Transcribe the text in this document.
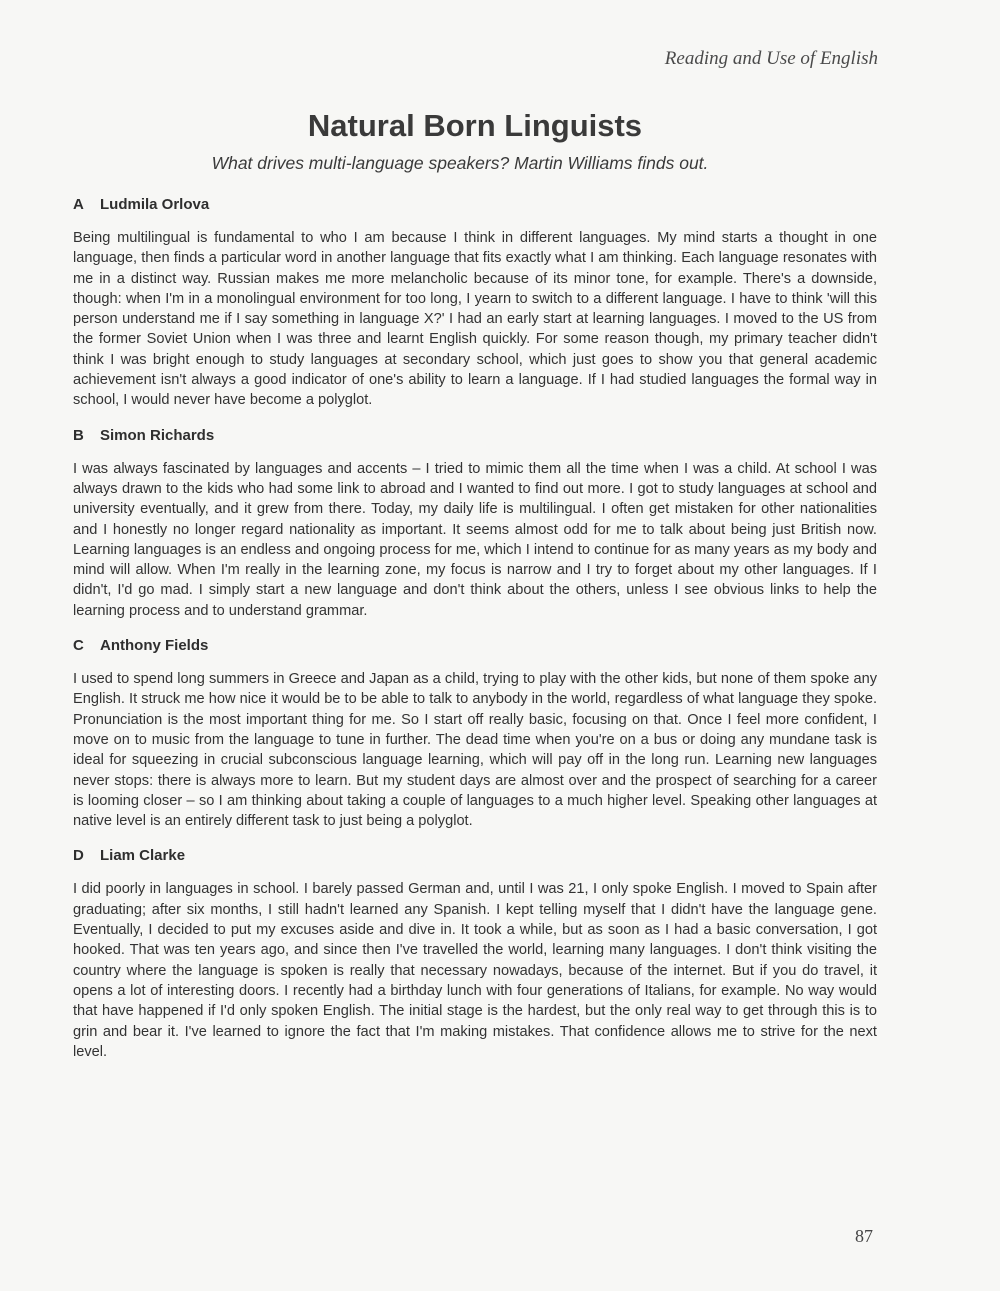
Reading and Use of English
Natural Born Linguists
What drives multi-language speakers? Martin Williams finds out.
A Ludmila Orlova

Being multilingual is fundamental to who I am because I think in different languages. My mind starts a thought in one language, then finds a particular word in another language that fits exactly what I am thinking. Each language resonates with me in a distinct way. Russian makes me more melancholic because of its minor tone, for example. There's a downside, though: when I'm in a monolingual environment for too long, I yearn to switch to a different language. I have to think 'will this person understand me if I say something in language X?' I had an early start at learning languages. I moved to the US from the former Soviet Union when I was three and learnt English quickly. For some reason though, my primary teacher didn't think I was bright enough to study languages at secondary school, which just goes to show you that general academic achievement isn't always a good indicator of one's ability to learn a language. If I had studied languages the formal way in school, I would never have become a polyglot.

B Simon Richards

I was always fascinated by languages and accents – I tried to mimic them all the time when I was a child. At school I was always drawn to the kids who had some link to abroad and I wanted to find out more. I got to study languages at school and university eventually, and it grew from there. Today, my daily life is multilingual. I often get mistaken for other nationalities and I honestly no longer regard nationality as important. It seems almost odd for me to talk about being just British now. Learning languages is an endless and ongoing process for me, which I intend to continue for as many years as my body and mind will allow. When I'm really in the learning zone, my focus is narrow and I try to forget about my other languages. If I didn't, I'd go mad. I simply start a new language and don't think about the others, unless I see obvious links to help the learning process and to understand grammar.

C Anthony Fields

I used to spend long summers in Greece and Japan as a child, trying to play with the other kids, but none of them spoke any English. It struck me how nice it would be to be able to talk to anybody in the world, regardless of what language they spoke. Pronunciation is the most important thing for me. So I start off really basic, focusing on that. Once I feel more confident, I move on to music from the language to tune in further. The dead time when you're on a bus or doing any mundane task is ideal for squeezing in crucial subconscious language learning, which will pay off in the long run. Learning new languages never stops: there is always more to learn. But my student days are almost over and the prospect of searching for a career is looming closer – so I am thinking about taking a couple of languages to a much higher level. Speaking other languages at native level is an entirely different task to just being a polyglot.

D Liam Clarke

I did poorly in languages in school. I barely passed German and, until I was 21, I only spoke English. I moved to Spain after graduating; after six months, I still hadn't learned any Spanish. I kept telling myself that I didn't have the language gene. Eventually, I decided to put my excuses aside and dive in. It took a while, but as soon as I had a basic conversation, I got hooked. That was ten years ago, and since then I've travelled the world, learning many languages. I don't think visiting the country where the language is spoken is really that necessary nowadays, because of the internet. But if you do travel, it opens a lot of interesting doors. I recently had a birthday lunch with four generations of Italians, for example. No way would that have happened if I'd only spoken English. The initial stage is the hardest, but the only real way to get through this is to grin and bear it. I've learned to ignore the fact that I'm making mistakes. That confidence allows me to strive for the next level.

87
